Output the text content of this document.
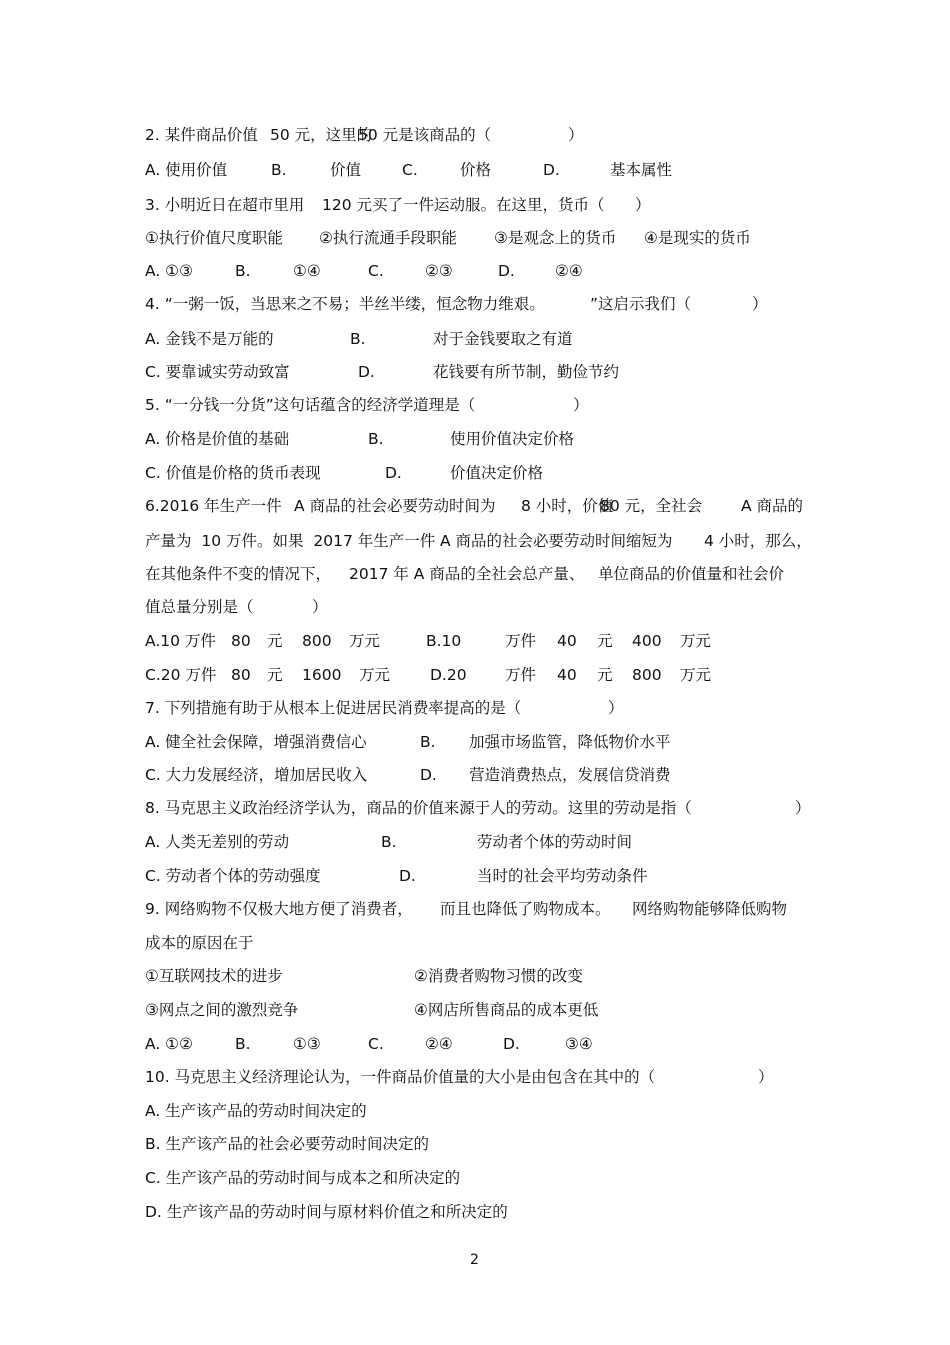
2
2. 某件商品价值 50 元，这里的
50 元是该商品的（	）
A. 使用价值	B.	价值	C.	价格	D.	基本属性
3. 小明近日在超市里用 120 元买了一件运动服。在这里，货币（ ）
①执行价值尺度职能 ②执行流通手段职能 ③是观念上的货币 ④是现实的货币
A. ①③	B.	①④	C.	②③	D.	②④
4. “一粥一饭，当思来之不易；半丝半缕，恒念物力维艰。	”这启示我们（	）
A. 金钱不是万能的	B.	对于金钱要取之有道
C. 要靠诚实劳动致富	D.	花钱要有所节制，勤俭节约
5. “一分钱一分货”这句话蕴含的经济学道理是（	）
A. 价格是价值的基础	B.	使用价值决定价格
C. 价值是价格的货币表现	D.	价值决定价格
6.2016 年生产一件 A 商品的社会必要劳动时间为 8 小时，价值
80 元，全社会	A 商品的
产量为  10 万件。如果  2017 年生产一件 A 商品的社会必要劳动时间缩短为 4 小时，那么，
在其他条件不变的情况下， 2017 年 A 商品的全社会总产量、 单位商品的价值量和社会价
值总量分别是（	）
A.10 万件 80 元 800 万元	B.10	万件 40 元 400 万元
C.20 万件 80 元 1600 万元	D.20 万件 40 元 800 万元
7. 下列措施有助于从根本上促进居民消费率提高的是（	）
A. 健全社会保障，增强消费信心	B. 加强市场监管，降低物价水平
C. 大力发展经济，增加居民收入	D. 营造消费热点，发展信贷消费
8. 马克思主义政治经济学认为，商品的价值来源于人的劳动。这里的劳动是指（	）
A. 人类无差别的劳动	B.	劳动者个体的劳动时间
C. 劳动者个体的劳动强度	D.	当时的社会平均劳动条件
9. 网络购物不仅极大地方便了消费者， 而且也降低了购物成本。 网络购物能够降低购物
成本的原因在于
①互联网技术的进步	②消费者购物习惯的改变
③网点之间的激烈竞争	④网店所售商品的成本更低
A. ①②	B.	①③	C.	②④	D.	③④
10. 马克思主义经济理论认为，一件商品价值量的大小是由包含在其中的（	）
A. 生产该产品的劳动时间决定的
B. 生产该产品的社会必要劳动时间决定的
C. 生产该产品的劳动时间与成本之和所决定的
D. 生产该产品的劳动时间与原材料价值之和所决定的
